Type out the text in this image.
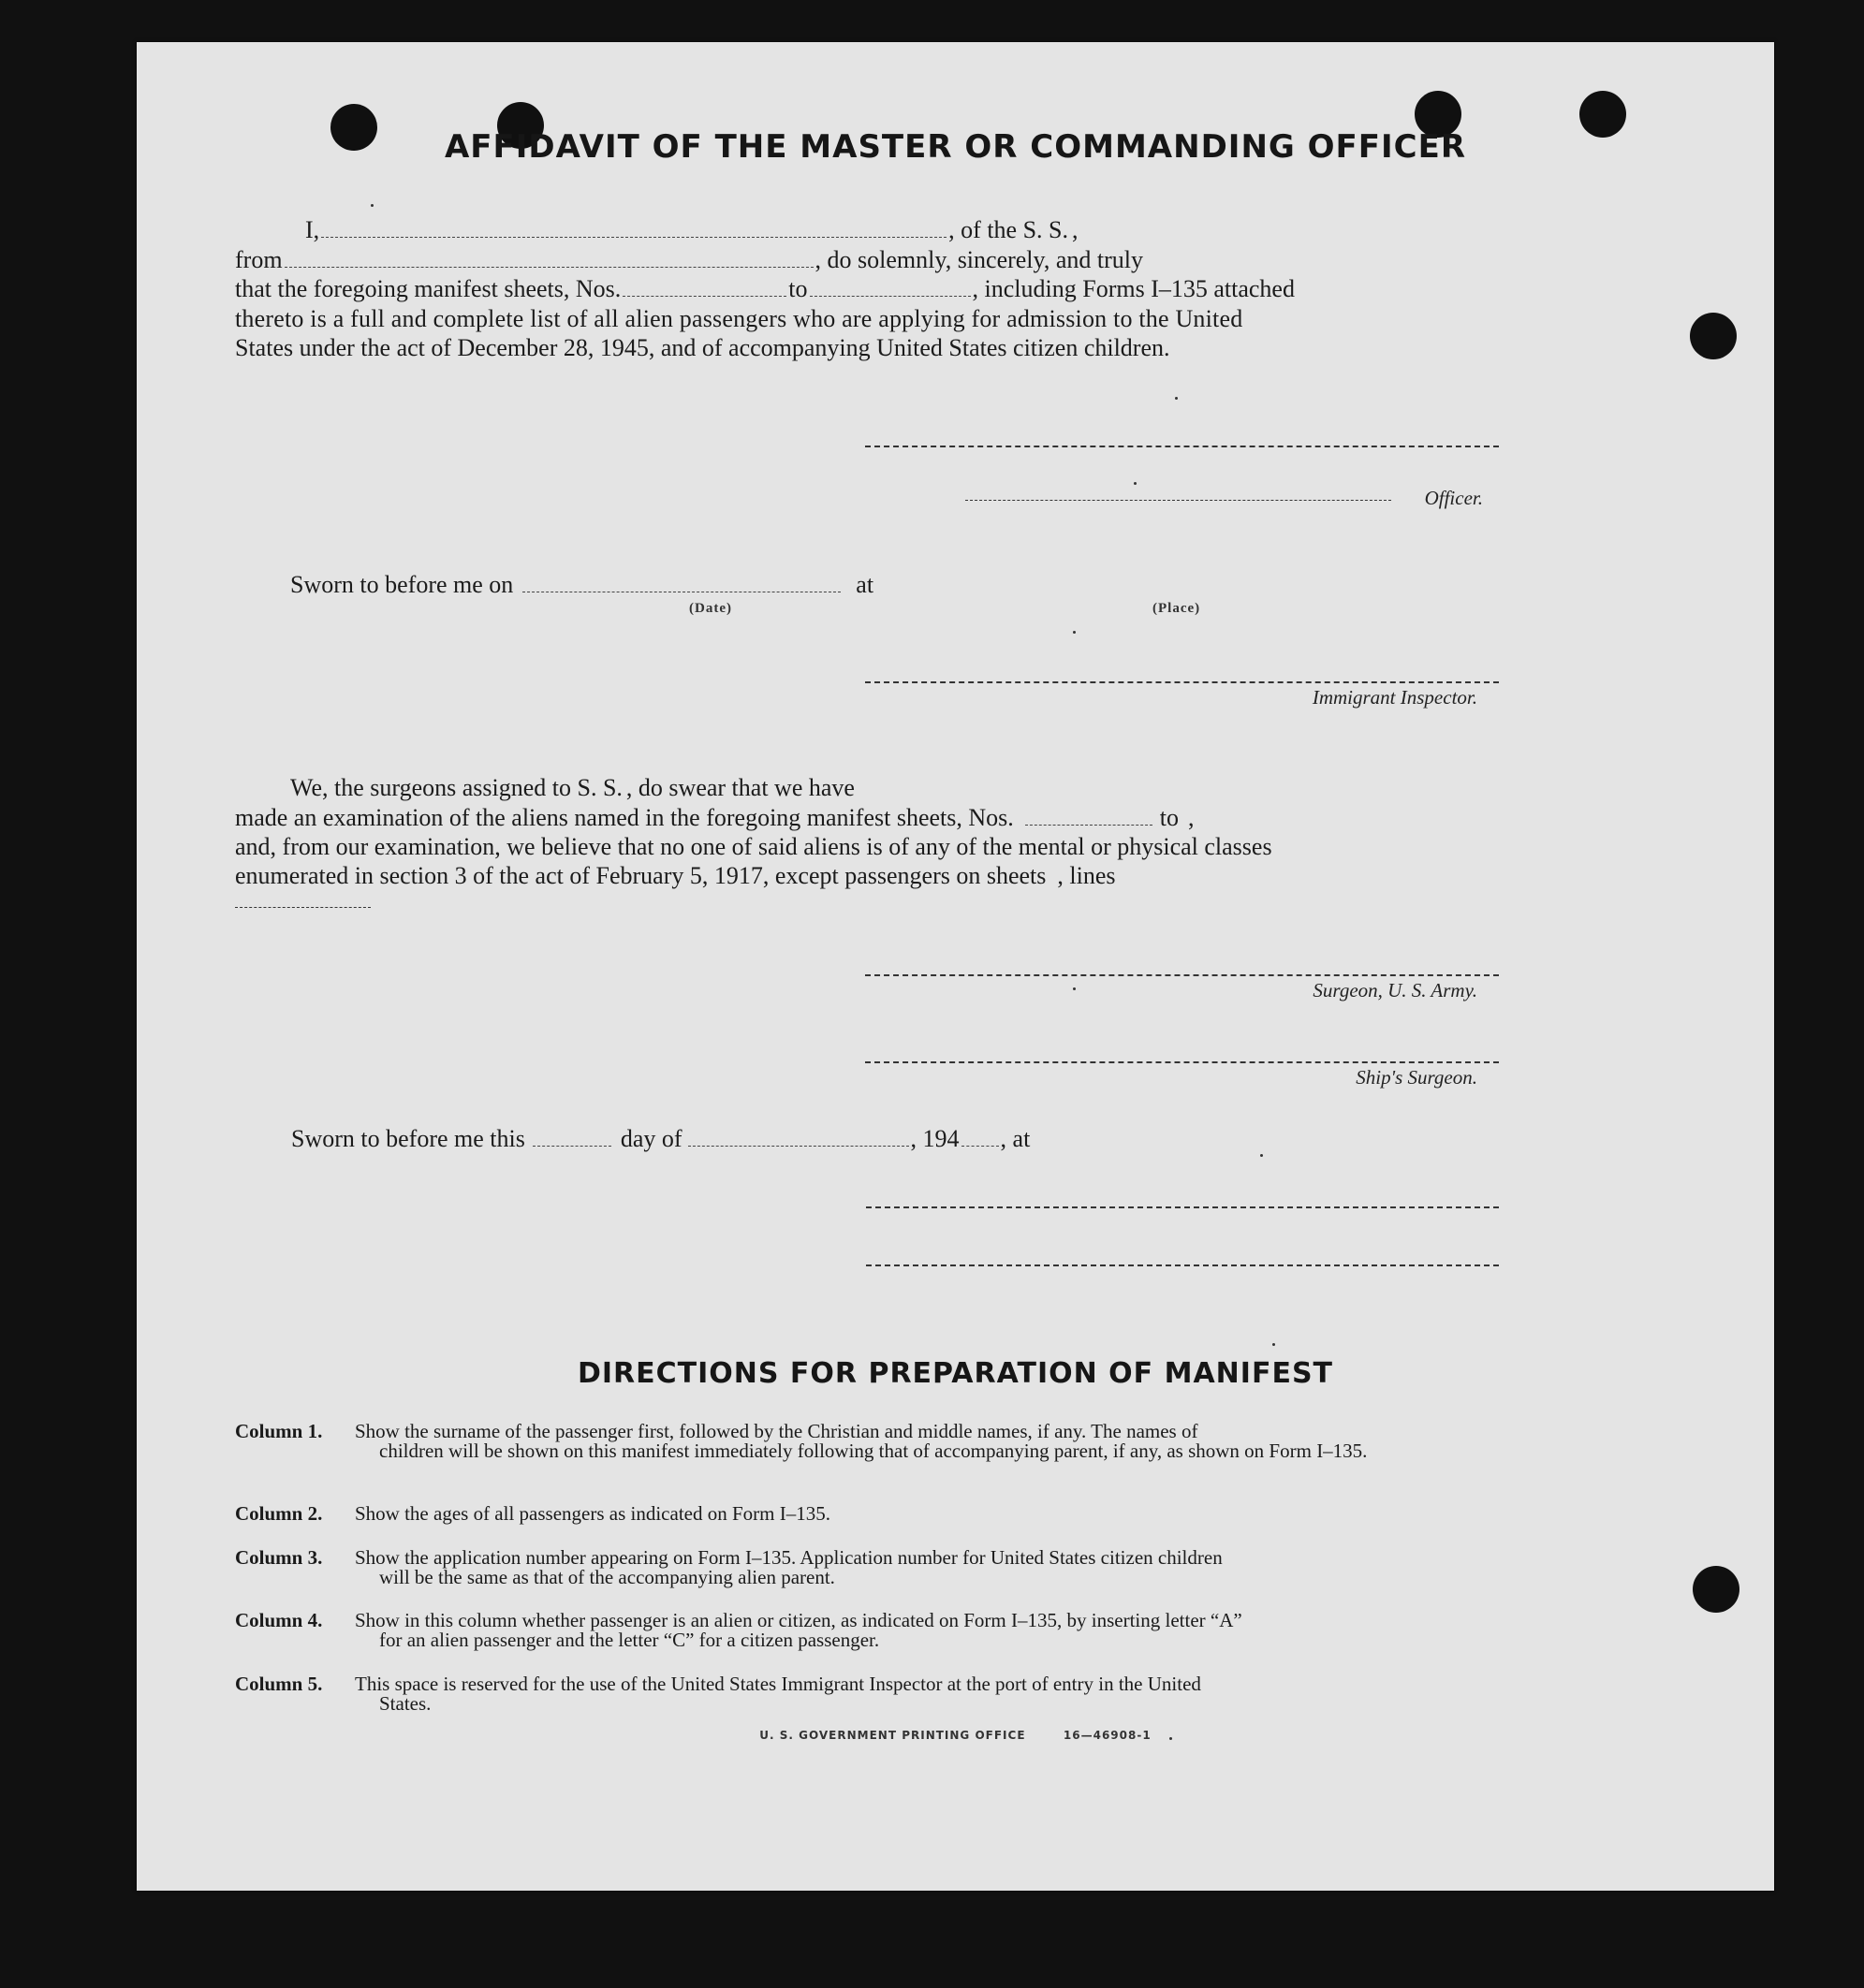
AFFIDAVIT OF THE MASTER OR COMMANDING OFFICER
I,	, of the S. S. ,
from	, do solemnly, sincerely, and truly
that the foregoing manifest sheets, Nos.	to	, including Forms I–135 attached
thereto is a full and complete list of all alien passengers who are applying for admission to the United
States under the act of December 28, 1945, and of accompanying United States citizen children.
Officer.
Sworn to before me on	at
(Date)	(Place)
Immigrant Inspector.
We, the surgeons assigned to S. S. , do swear that we have
made an examination of the aliens named in the foregoing manifest sheets, Nos.	to ,
and, from our examination, we believe that no one of said aliens is of any of the mental or physical classes
enumerated in section 3 of the act of February 5, 1917, except passengers on sheets , lines
Surgeon, U. S. Army.
Ship's Surgeon.
Sworn to before me this	day of	, 194 , at
DIRECTIONS FOR PREPARATION OF MANIFEST
Column 1. Show the surname of the passenger first, followed by the Christian and middle names, if any. The names of
children will be shown on this manifest immediately following that of accompanying parent, if any, as shown on Form I–135.
Column 2. Show the ages of all passengers as indicated on Form I–135.
Column 3. Show the application number appearing on Form I–135. Application number for United States citizen children
will be the same as that of the accompanying alien parent.
Column 4. Show in this column whether passenger is an alien or citizen, as indicated on Form I–135, by inserting letter “A”
for an alien passenger and the letter “C” for a citizen passenger.
Column 5. This space is reserved for the use of the United States Immigrant Inspector at the port of entry in the United
States.
U. S. GOVERNMENT PRINTING OFFICE	16—46908-1
